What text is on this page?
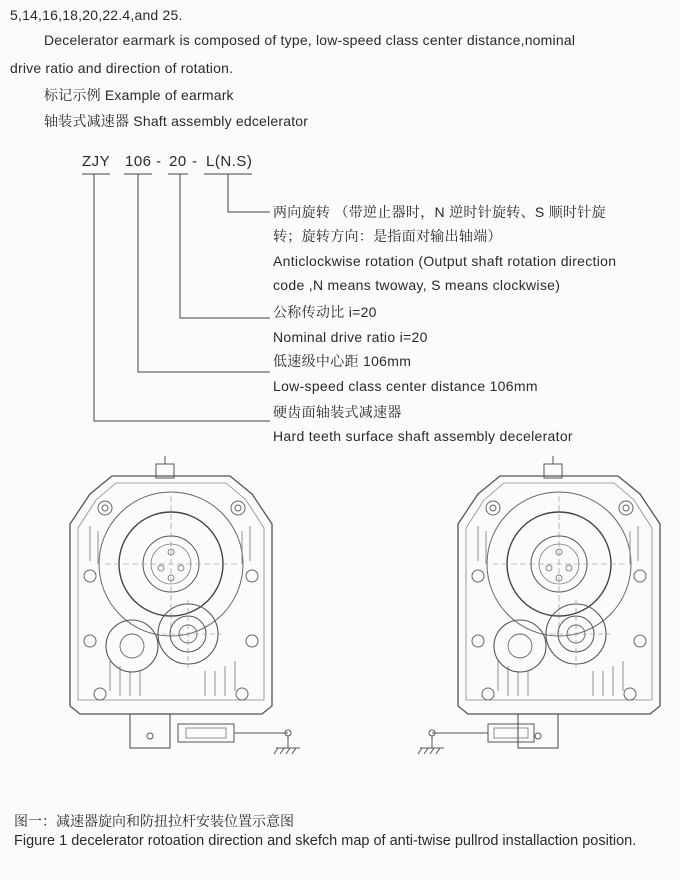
5,14,16,18,20,22.4,and 25.
Decelerator earmark is composed of type, low-speed class center distance,nominal
drive ratio and direction of rotation.
标记示例 Example of earmark
轴装式减速器 Shaft assembly edcelerator
ZJY 106 - 20 - L(N.S)
两向旋转 （带逆止器时，N 逆时针旋转、S 顺时针旋
转；旋转方向：是指面对输出轴端）
Anticlockwise rotation (Output shaft rotation direction
code ,N means twoway, S means clockwise)
公称传动比 i=20
Nominal drive ratio i=20
低速级中心距 106mm
Low-speed class center distance 106mm
硬齿面轴装式减速器
Hard teeth surface shaft assembly decelerator
图一：减速器旋向和防扭拉杆安装位置示意图
Figure 1 decelerator rotoation direction and skefch map of anti-twise pullrod installaction position.
